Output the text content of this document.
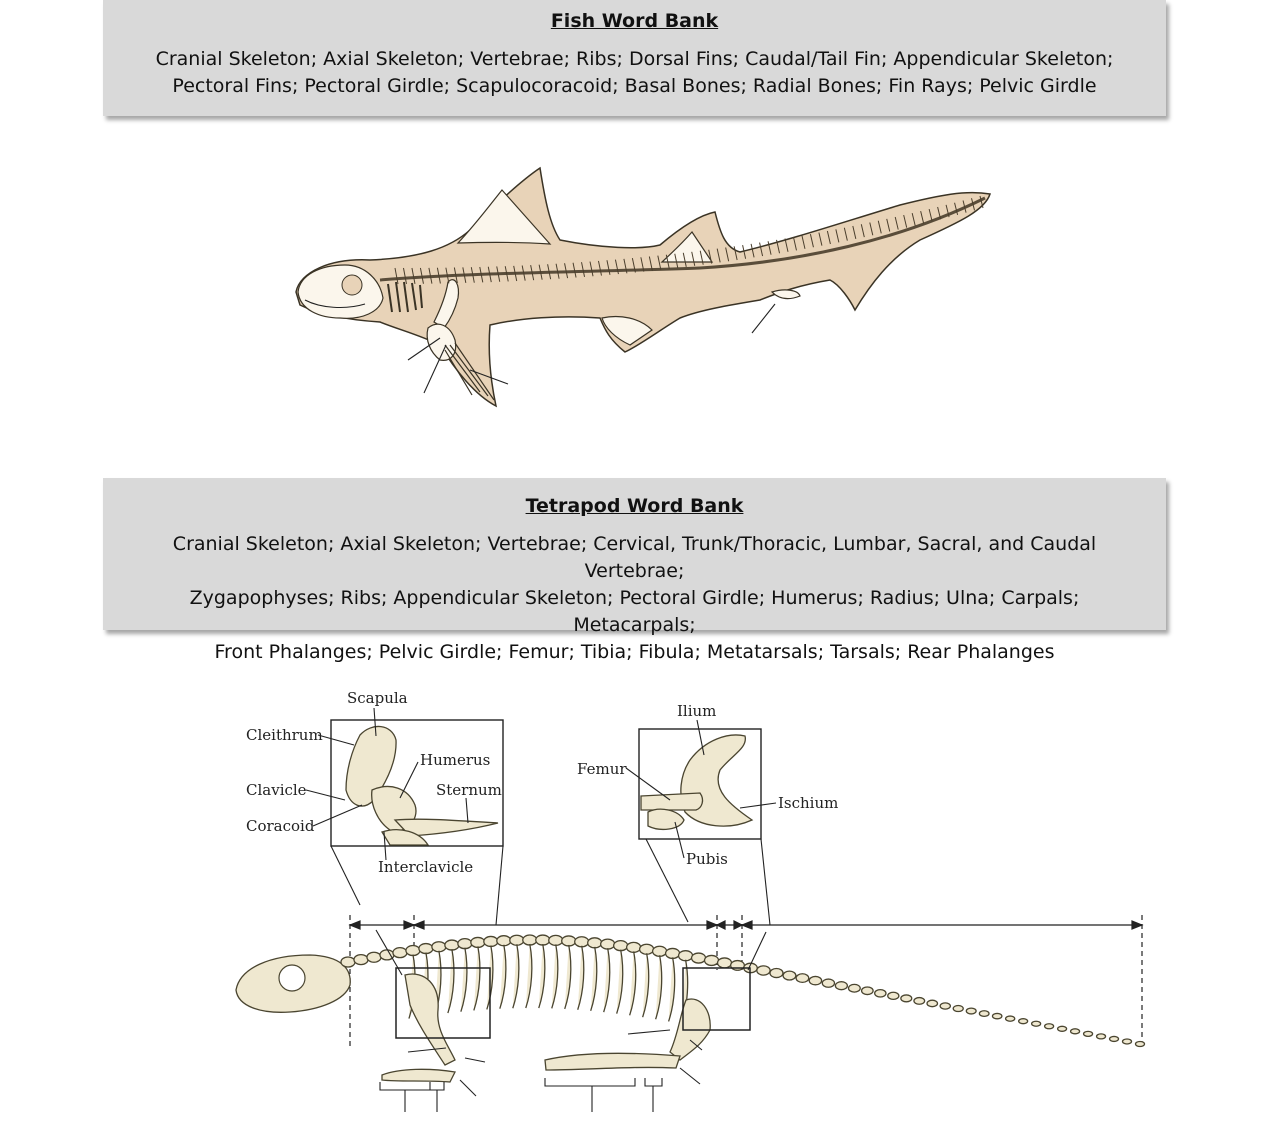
Fish Word Bank
Cranial Skeleton; Axial Skeleton; Vertebrae; Ribs; Dorsal Fins; Caudal/Tail Fin; Appendicular Skeleton;
Pectoral Fins; Pectoral Girdle; Scapulocoracoid; Basal Bones; Radial Bones; Fin Rays; Pelvic Girdle
Tetrapod Word Bank
Cranial Skeleton; Axial Skeleton; Vertebrae; Cervical, Trunk/Thoracic, Lumbar, Sacral, and Caudal Vertebrae;
Zygapophyses; Ribs; Appendicular Skeleton; Pectoral Girdle; Humerus; Radius; Ulna; Carpals; Metacarpals;
Front Phalanges; Pelvic Girdle; Femur; Tibia; Fibula; Metatarsals; Tarsals; Rear Phalanges
Scapula
Cleithrum
Humerus
Clavicle	Sternum
Coracoid
Interclavicle
Ilium
Femur
Ischium
Pubis
